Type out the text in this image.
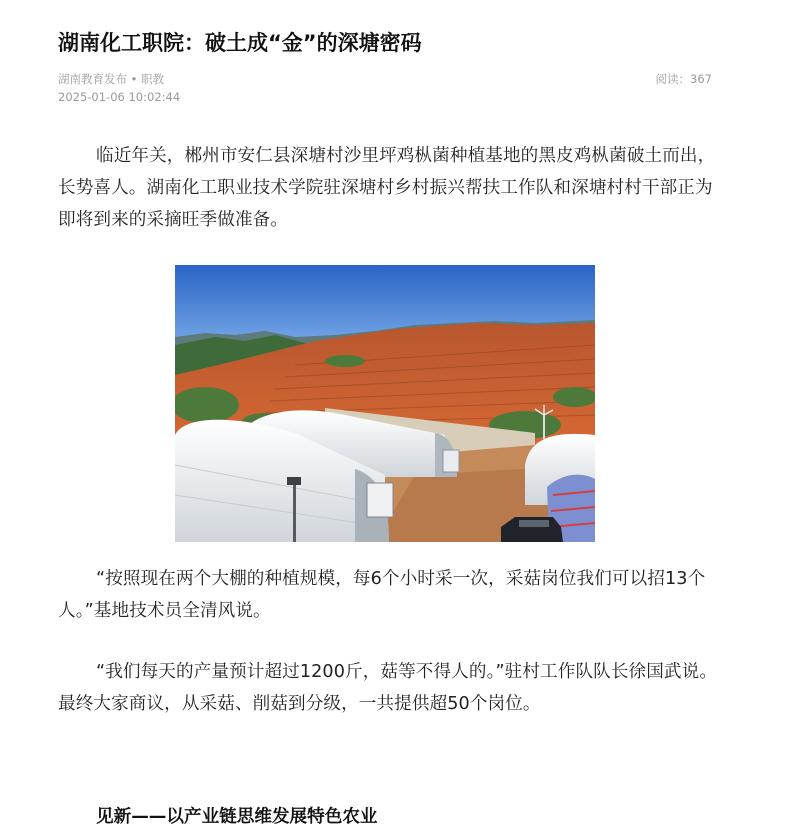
湖南化工职院：破土成“金”的深塘密码
湖南教育发布 • 职教
2025-01-06 10:02:44
阅读：367

临近年关，郴州市安仁县深塘村沙里坪鸡枞菌种植基地的黑皮鸡枞菌破土而出，长势喜人。湖南化工职业技术学院驻深塘村乡村振兴帮扶工作队和深塘村村干部正为即将到来的采摘旺季做准备。

“按照现在两个大棚的种植规模，每6个小时采一次，采菇岗位我们可以招13个人。”基地技术员全清风说。

“我们每天的产量预计超过1200斤，菇等不得人的。”驻村工作队队长徐国武说。最终大家商议，从采菇、削菇到分级，一共提供超50个岗位。

见新——以产业链思维发展特色农业
